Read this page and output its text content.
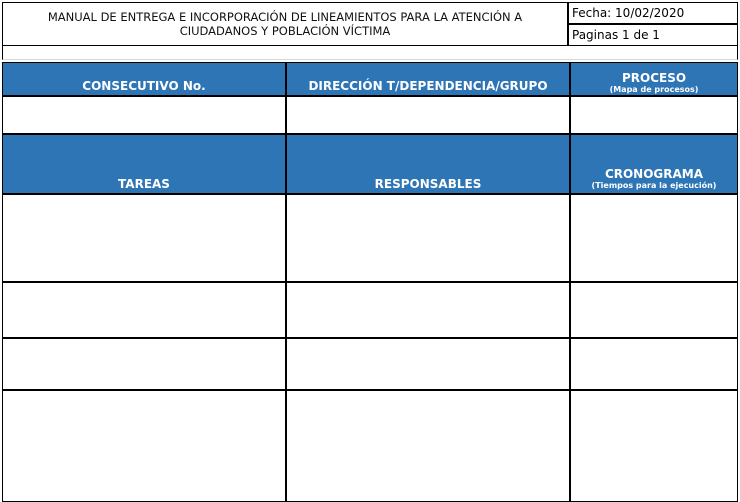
MANUAL DE ENTREGA E INCORPORACIÓN DE LINEAMIENTOS PARA LA ATENCIÓN A CIUDADANOS Y POBLACIÓN VÍCTIMA
Fecha: 10/02/2020
Paginas 1 de 1
CONSECUTIVO No.	DIRECCIÓN T/DEPENDENCIA/GRUPO
PROCESO
(Mapa de procesos)
TAREAS	RESPONSABLES
CRONOGRAMA
(Tiempos para la ejecución)
